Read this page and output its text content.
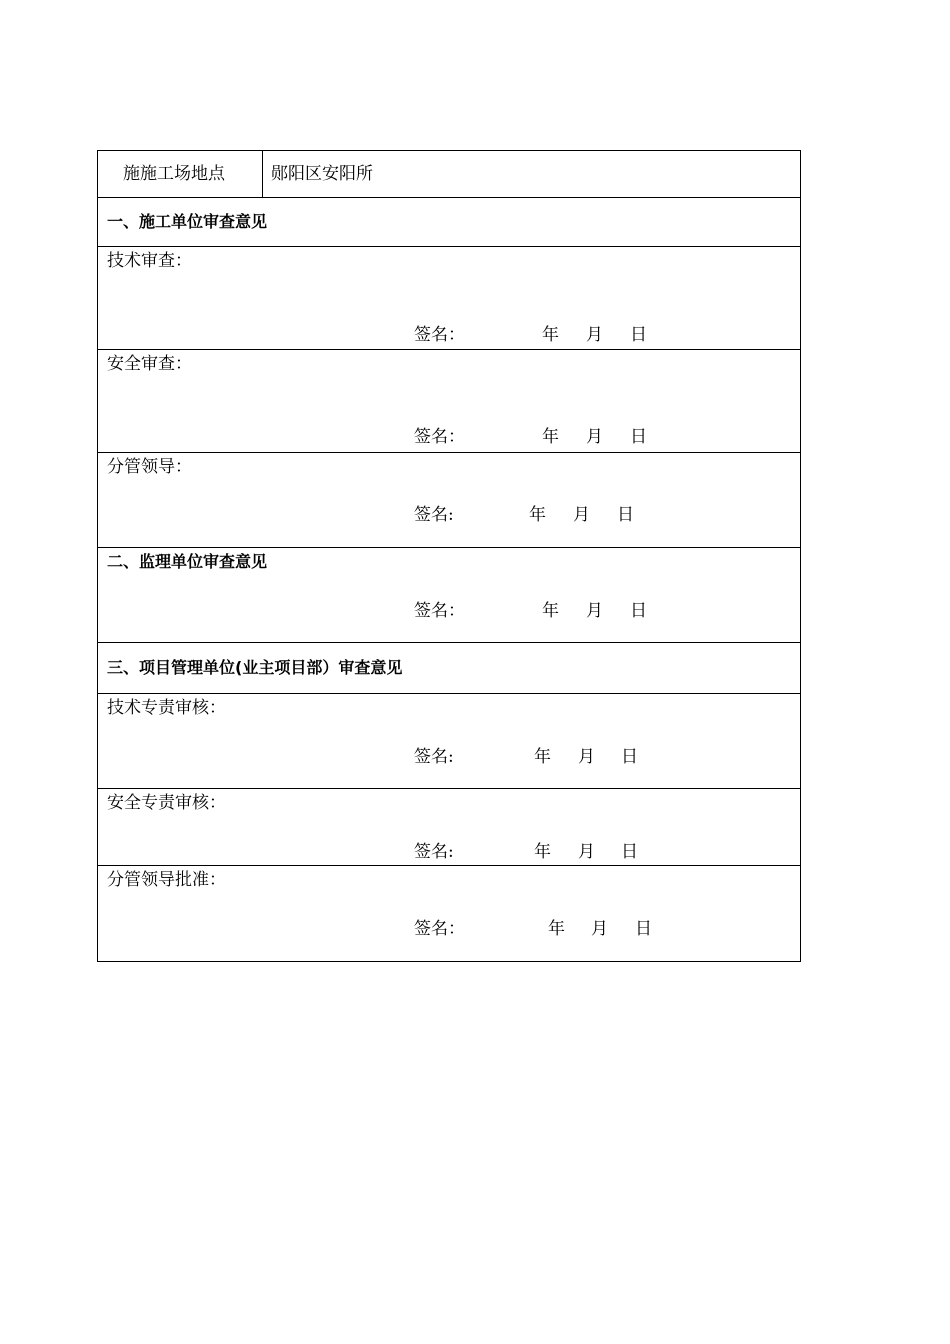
施施工场地点	郧阳区安阳所
一、施工单位审查意见
技术审查：
签名：	年 月 日
安全审查：
签名：	年 月 日
分管领导：
签名:	年 月 日
二、监理单位审查意见
签名：	年 月 日
三、项目管理单位(业主项目部）审查意见
技术专责审核：
签名:	年 月 日
安全专责审核：
签名:	年 月 日
分管领导批准：
签名：	年 月 日
